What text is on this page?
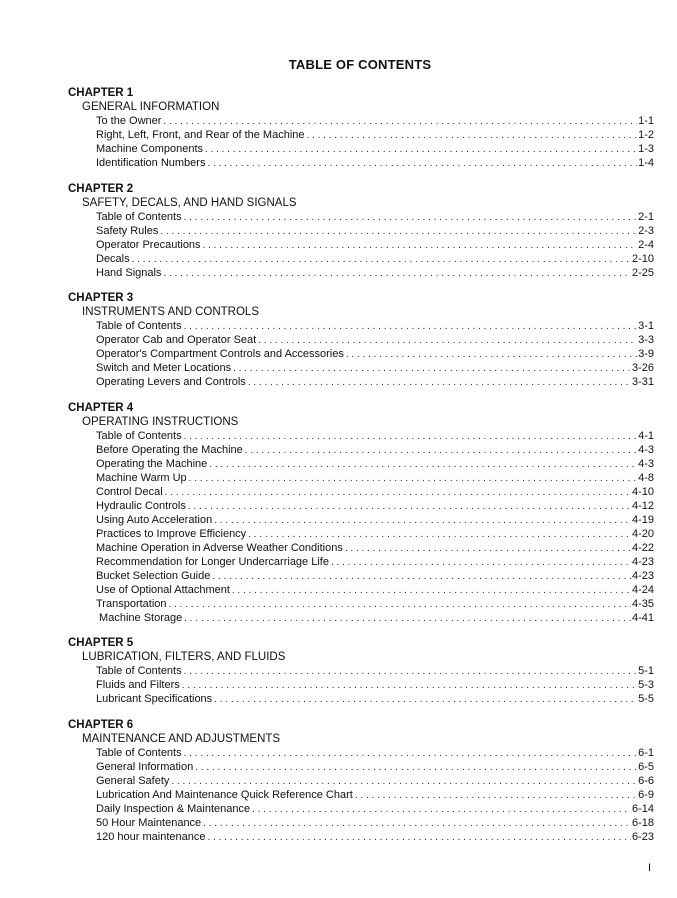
TABLE OF CONTENTS
CHAPTER 1
GENERAL INFORMATION
To the Owner . . .	1-1
Right, Left, Front, and Rear of the Machine . . .	1-2
Machine Components . . .	1-3
Identification Numbers . . .	1-4
CHAPTER 2
SAFETY, DECALS, AND HAND SIGNALS
Table of Contents . . .	2-1
Safety Rules . . .	2-3
Operator Precautions . . .	2-4
Decals . . .	2-10
Hand Signals . . .	2-25
CHAPTER 3
INSTRUMENTS AND CONTROLS
Table of Contents . . .	3-1
Operator Cab and Operator Seat . . .	3-3
Operator's Compartment Controls and Accessories . . .	3-9
Switch and Meter Locations . . .	3-26
Operating Levers and Controls . . .	3-31
CHAPTER 4
OPERATING INSTRUCTIONS
Table of Contents . . .	4-1
Before Operating the Machine . . .	4-3
Operating the Machine . . .	4-3
Machine Warm Up . . .	4-8
Control Decal . . .	4-10
Hydraulic Controls . . .	4-12
Using Auto Acceleration . . .	4-19
Practices to Improve Efficiency . . .	4-20
Machine Operation in Adverse Weather Conditions . . .	4-22
Recommendation for Longer Undercarriage Life . . .	4-23
Bucket Selection Guide . . .	4-23
Use of Optional Attachment . . .	4-24
Transportation . . .	4-35
Machine Storage . . .	4-41
CHAPTER 5
LUBRICATION, FILTERS, AND FLUIDS
Table of Contents . . .	5-1
Fluids and Filters . . .	5-3
Lubricant Specifications . . .	5-5
CHAPTER 6
MAINTENANCE AND ADJUSTMENTS
Table of Contents . . .	6-1
General Information . . .	6-5
General Safety . . .	6-6
Lubrication And Maintenance Quick Reference Chart . . .	6-9
Daily Inspection & Maintenance . . .	6-14
50 Hour Maintenance . . .	6-18
120 hour maintenance . . .	6-23
I
